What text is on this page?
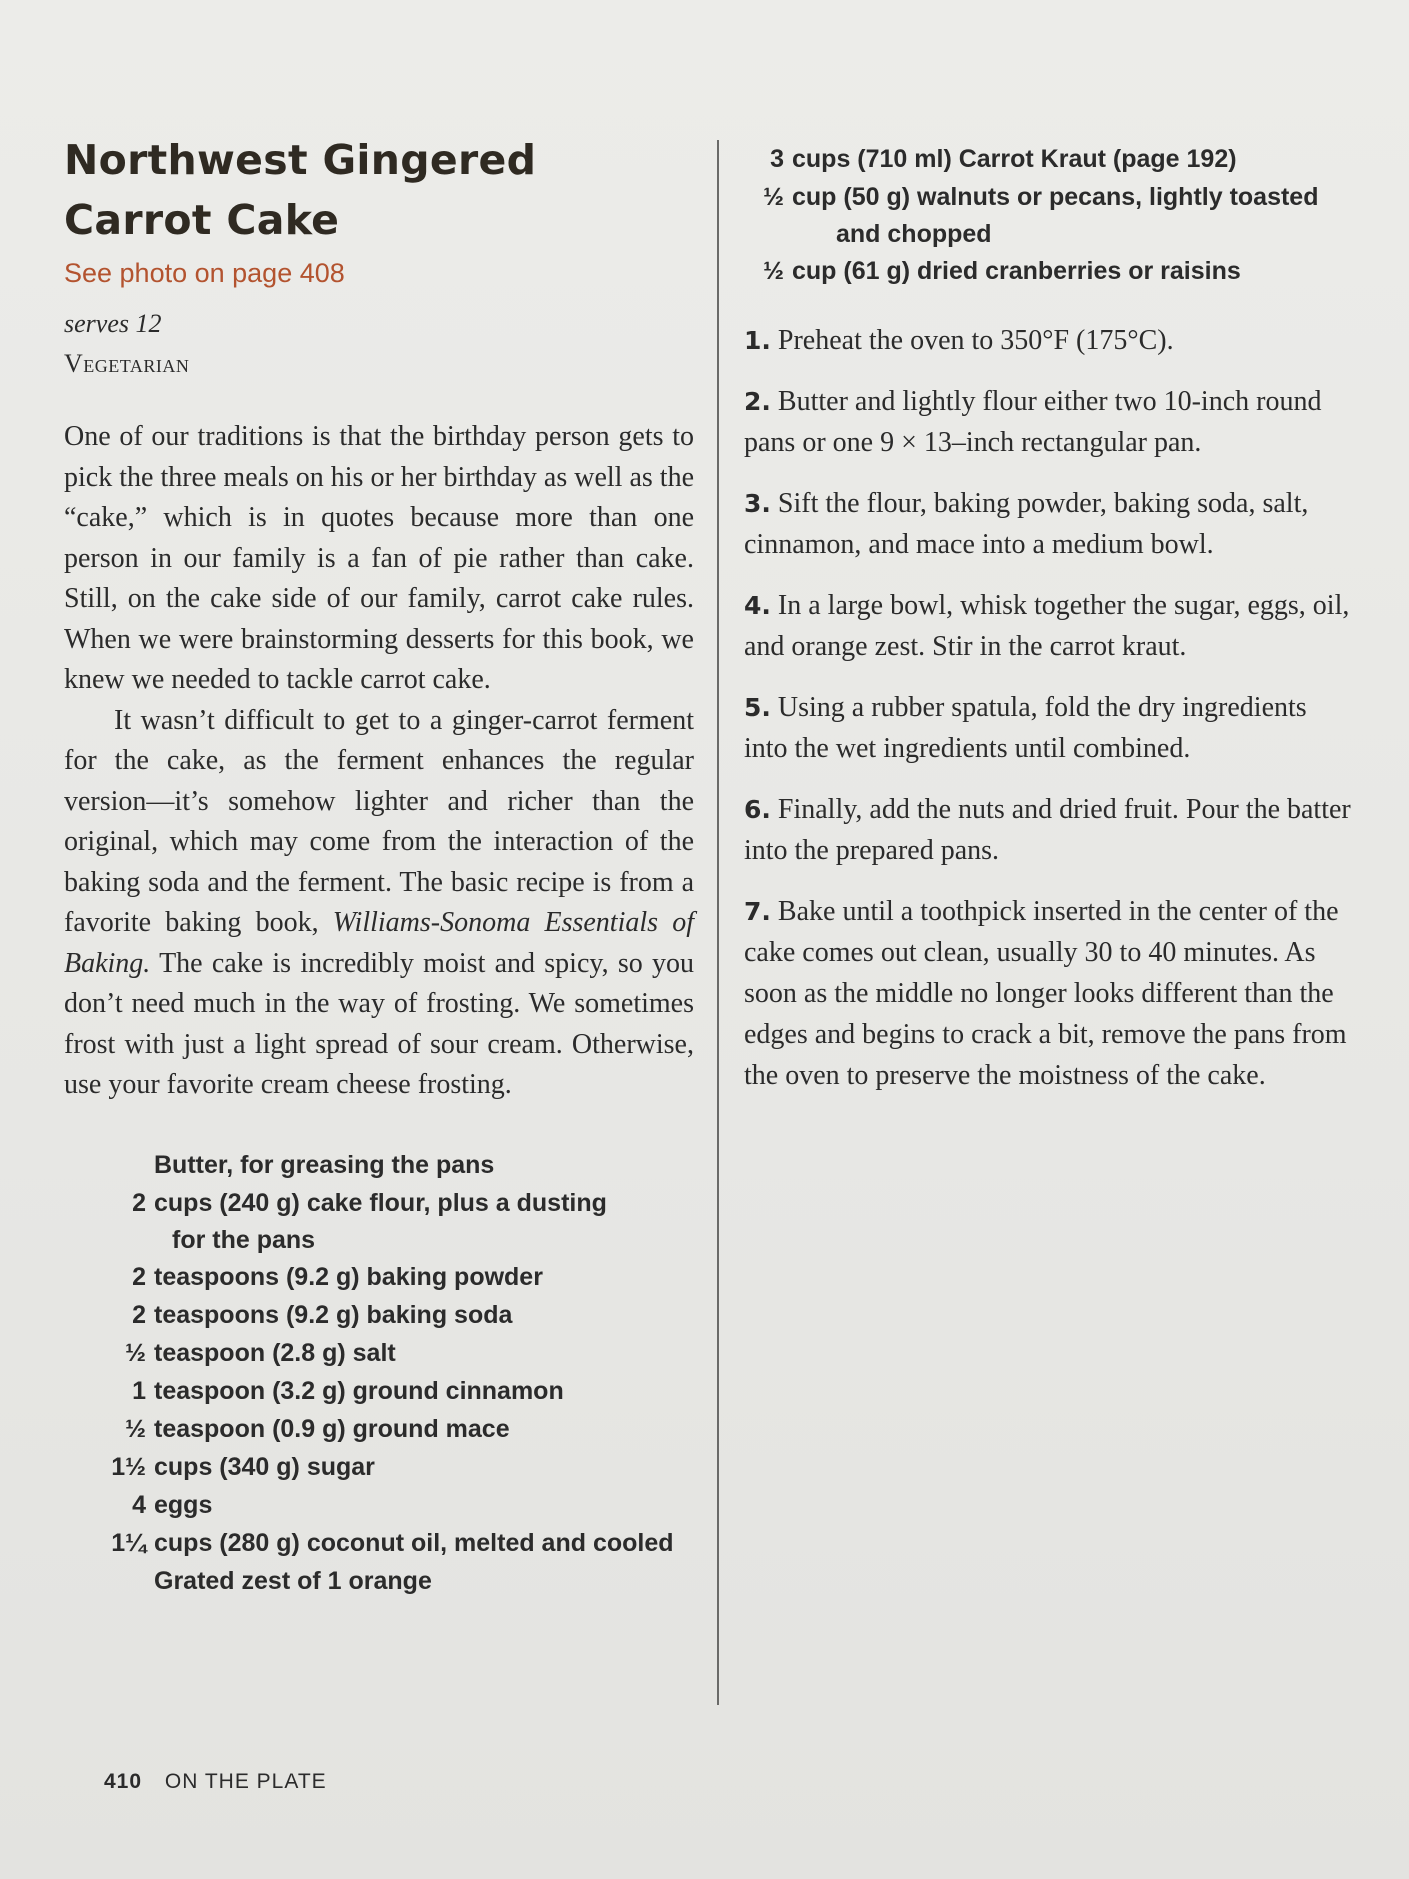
Northwest Gingered
Carrot Cake
See photo on page 408
serves 12
Vegetarian

One of our traditions is that the birthday person gets to pick the three meals on his or her birthday as well as the “cake,” which is in quotes because more than one person in our family is a fan of pie rather than cake. Still, on the cake side of our family, carrot cake rules. When we were brainstorming desserts for this book, we knew we needed to tackle carrot cake.

It wasn’t difficult to get to a ginger-carrot ferment for the cake, as the ferment enhances the regular version—it’s somehow lighter and richer than the original, which may come from the interaction of the baking soda and the ferment. The basic recipe is from a favorite baking book, Williams-Sonoma Essentials of Baking. The cake is incredibly moist and spicy, so you don’t need much in the way of frosting. We sometimes frost with just a light spread of sour cream. Otherwise, use your favorite cream cheese frosting.

Butter, for greasing the pans
2 cups (240 g) cake flour, plus a dusting
for the pans
2 teaspoons (9.2 g) baking powder
2 teaspoons (9.2 g) baking soda
½ teaspoon (2.8 g) salt
1 teaspoon (3.2 g) ground cinnamon
½ teaspoon (0.9 g) ground mace
1½ cups (340 g) sugar
4 eggs
1¼ cups (280 g) coconut oil, melted and cooled
Grated zest of 1 orange
3 cups (710 ml) Carrot Kraut (page 192)
½ cup (50 g) walnuts or pecans, lightly toasted
and chopped
½ cup (61 g) dried cranberries or raisins
1. Preheat the oven to 350°F (175°C).
2. Butter and lightly flour either two 10-inch round pans or one 9 × 13–inch rectangular pan.
3. Sift the flour, baking powder, baking soda, salt, cinnamon, and mace into a medium bowl.
4. In a large bowl, whisk together the sugar, eggs, oil, and orange zest. Stir in the carrot kraut.
5. Using a rubber spatula, fold the dry ingredients into the wet ingredients until combined.
6. Finally, add the nuts and dried fruit. Pour the batter into the prepared pans.
7. Bake until a toothpick inserted in the center of the cake comes out clean, usually 30 to 40 minutes. As soon as the middle no longer looks different than the edges and begins to crack a bit, remove the pans from the oven to preserve the moistness of the cake.
410 ON THE PLATE
